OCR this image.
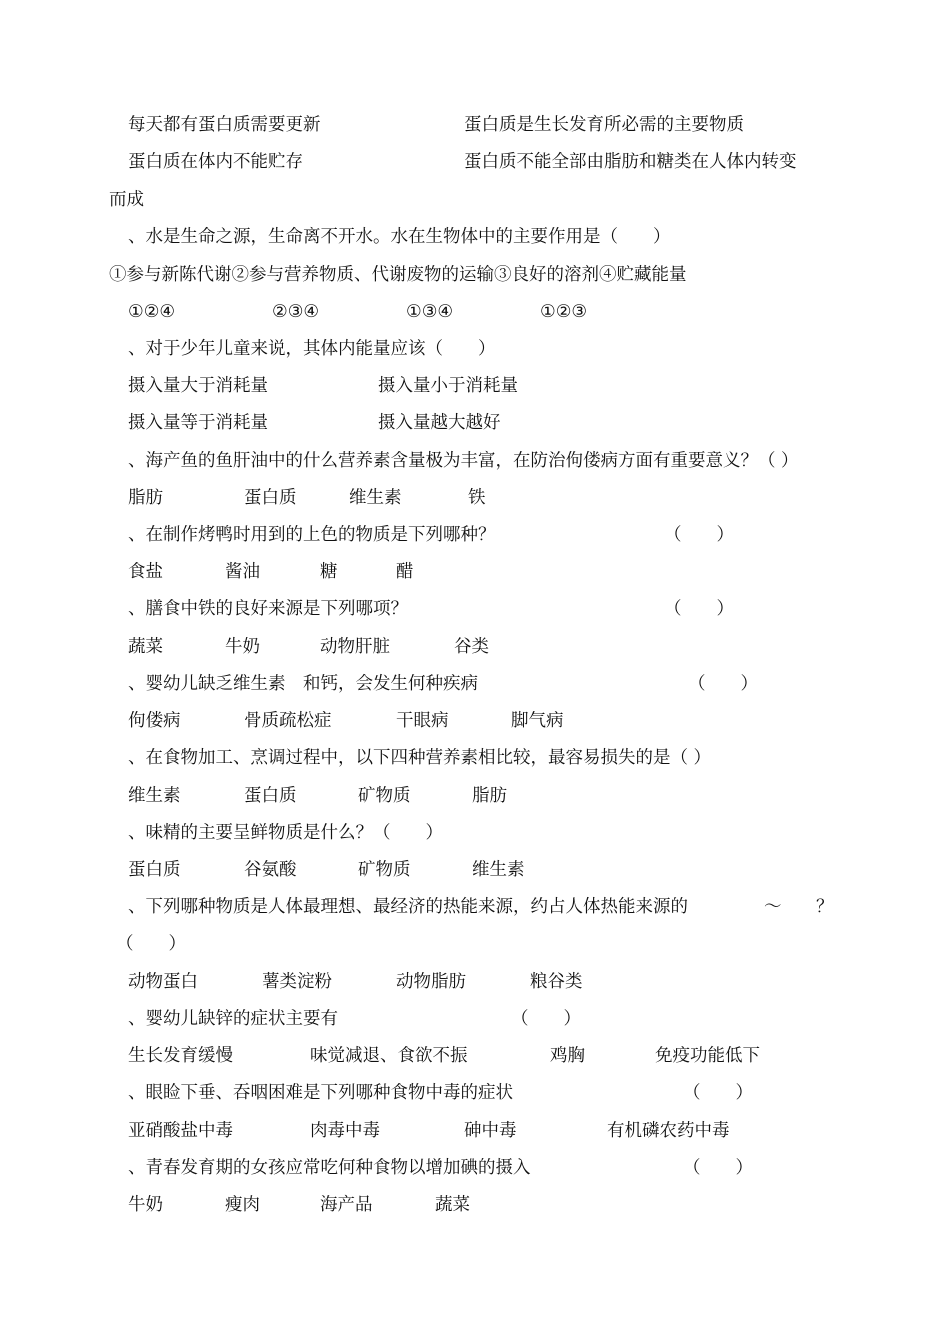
每天都有蛋白质需要更新	蛋白质是生长发育所必需的主要物质
蛋白质在体内不能贮存	蛋白质不能全部由脂肪和糖类在人体内转变
而成
、水是生命之源，生命离不开水。水在生物体中的主要作用是（　　）
①参与新陈代谢②参与营养物质、代谢废物的运输③良好的溶剂④贮藏能量
①②④	②③④	①③④	①②③
、对于少年儿童来说，其体内能量应该（　　）
摄入量大于消耗量	摄入量小于消耗量
摄入量等于消耗量	摄入量越大越好
、海产鱼的鱼肝油中的什么营养素含量极为丰富，在防治佝偻病方面有重要意义？（ ）
脂肪	蛋白质	维生素	铁
、在制作烤鸭时用到的上色的物质是下列哪种？	（　　）
食盐	酱油	糖	醋
、膳食中铁的良好来源是下列哪项？	（　　）
蔬菜	牛奶	动物肝脏	谷类
、婴幼儿缺乏维生素　和钙，会发生何种疾病	（　　）
佝偻病	骨质疏松症	干眼病	脚气病
、在食物加工、烹调过程中，以下四种营养素相比较，最容易损失的是（ ）
维生素	蛋白质	矿物质	脂肪
、味精的主要呈鲜物质是什么？（　　）
蛋白质	谷氨酸	矿物质	维生素
、下列哪种物质是人体最理想、最经济的热能来源，约占人体热能来源的	～ ？
（　　）
动物蛋白	薯类淀粉	动物脂肪	粮谷类
、婴幼儿缺锌的症状主要有	（　　）
生长发育缓慢	味觉减退、食欲不振	鸡胸	免疫功能低下
、眼睑下垂、吞咽困难是下列哪种食物中毒的症状	（　　）
亚硝酸盐中毒	肉毒中毒	砷中毒	有机磷农药中毒
、青春发育期的女孩应常吃何种食物以增加碘的摄入	（　　）
牛奶	瘦肉	海产品	蔬菜
